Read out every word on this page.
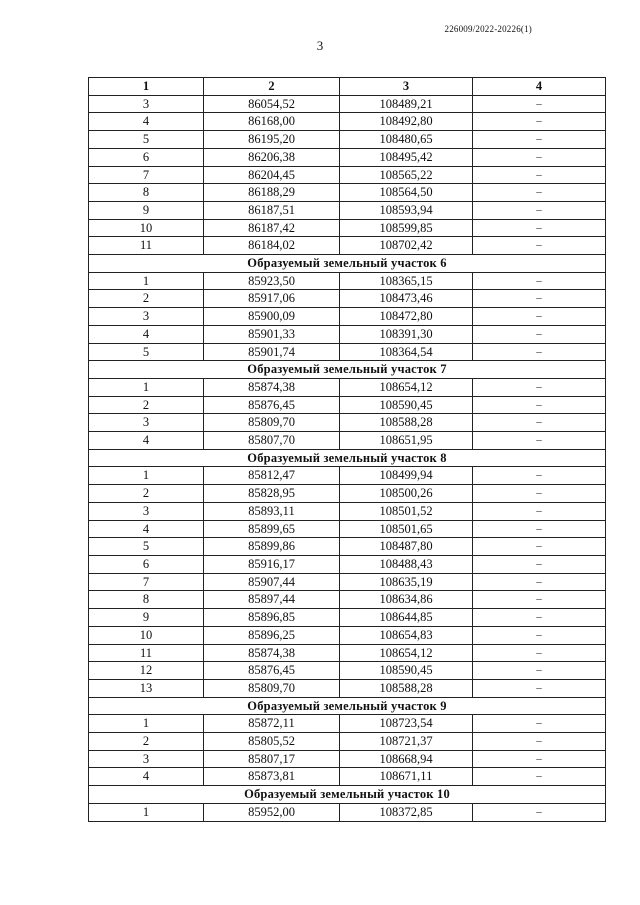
226009/2022-20226(1)
3
1	2	3	4
3	86054,52	108489,21	–
4	86168,00	108492,80	–
5	86195,20	108480,65	–
6	86206,38	108495,42	–
7	86204,45	108565,22	–
8	86188,29	108564,50	–
9	86187,51	108593,94	–
10	86187,42	108599,85	–
11	86184,02	108702,42	–
Образуемый земельный участок 6			
1	85923,50	108365,15	–
2	85917,06	108473,46	–
3	85900,09	108472,80	–
4	85901,33	108391,30	–
5	85901,74	108364,54	–
Образуемый земельный участок 7			
1	85874,38	108654,12	–
2	85876,45	108590,45	–
3	85809,70	108588,28	–
4	85807,70	108651,95	–
Образуемый земельный участок 8			
1	85812,47	108499,94	–
2	85828,95	108500,26	–
3	85893,11	108501,52	–
4	85899,65	108501,65	–
5	85899,86	108487,80	–
6	85916,17	108488,43	–
7	85907,44	108635,19	–
8	85897,44	108634,86	–
9	85896,85	108644,85	–
10	85896,25	108654,83	–
11	85874,38	108654,12	–
12	85876,45	108590,45	–
13	85809,70	108588,28	–
Образуемый земельный участок 9			
1	85872,11	108723,54	–
2	85805,52	108721,37	–
3	85807,17	108668,94	–
4	85873,81	108671,11	–
Образуемый земельный участок 10			
1	85952,00	108372,85	–
